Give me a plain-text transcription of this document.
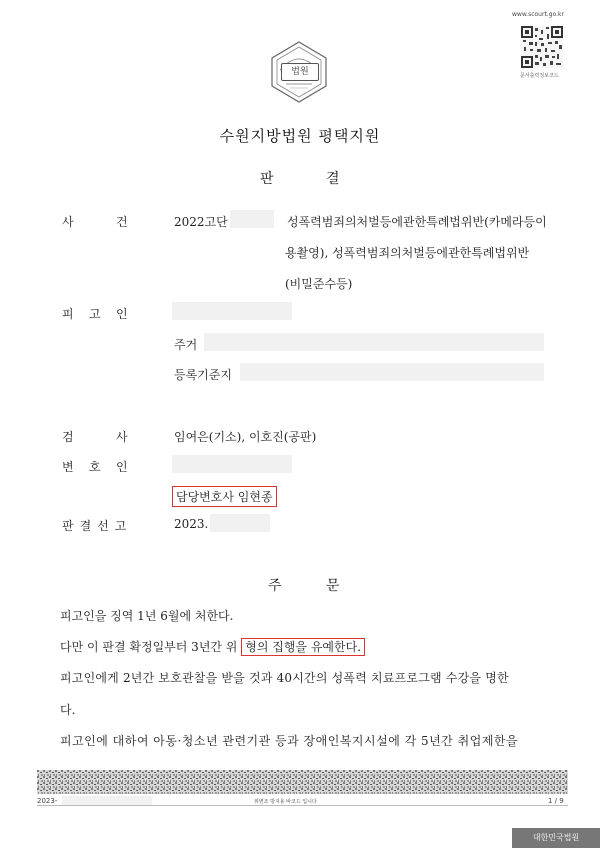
www.scourt.go.kr
문서출력정보코드
법원
수원지방법원 평택지원
판	결
사	건	2022고단	성폭력범죄의처벌등에관한특례법위반(카메라등이
용촬영), 성폭력범죄의처벌등에관한특례법위반
(비밀준수등)
피 고 인
주거
등록기준지
검	사	임여은(기소), 이호진(공판)
변 호 인
담당변호사 임현종
판결선고	2023.
주	문
피고인을 징역 1년 6월에 처한다.
다만 이 판결 확정일부터 3년간 위 형의 집행을 유예한다.
피고인에게 2년간 보호관찰을 받을 것과 40시간의 성폭력 치료프로그램 수강을 명한
다.
피고인에 대하여 아동·청소년 관련기관 등과 장애인복지시설에 각 5년간 취업제한을
2023-	위변조 방지용 바코드 입니다	1 / 9
대한민국법원
